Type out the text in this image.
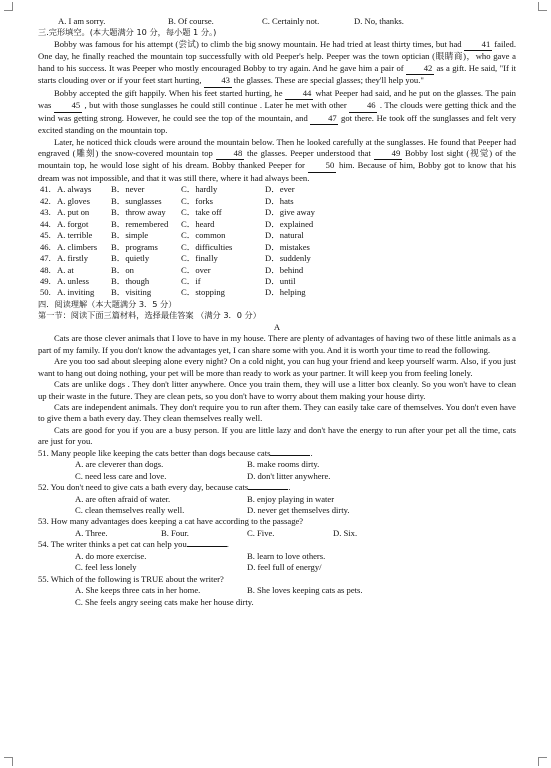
A. I am sorry.	B. Of course.	C. Certainly not.	D. No, thanks.
三.完形填空。(本大题满分 10 分，每小题 1 分。)

Bobby was famous for his attempt (尝试) to climb the big snowy mountain. He had tried at least thirty times, but had 41 failed. One day, he finally reached the mountain top successfully with old Peeper's help. Peeper was the town optician (眼睛商)，who gave a hand to his success. It was Peeper who mostly encouraged Bobby to try again. And he gave him a pair of 42 as a gift. He said, "If it starts clouding over or if your feet start hurting, 43 the glasses. These are special glasses; they'll help you."

Bobby accepted the gift happily. When his feet started hurting, he 44 what Peeper had said, and he put on the glasses. The pain was 45 , but with those sunglasses he could still continue . Later he met with other 46 . The clouds were getting thick and the wind was getting strong. However, he could see the top of the mountain, and 47 got there. He took off the sunglasses and felt very excited standing on the mountain top.

Later, he noticed thick clouds were around the mountain below. Then he looked carefully at the sunglasses. He found that Peeper had engraved (雕刻) the snow-covered mountain top 48 the glasses. Peeper understood that 49 Bobby lost sight (视觉) of the mountain top, he would lose sight of his dream. Bobby thanked Peeper for 50 him. Because of him, Bobby got to know that his dream was not impossible, and that it was still there, where it had always been.

41. A. always	B．never	C．hardly	D．ever
42. A. gloves	B．sunglasses	C．forks	D．hats
43. A. put on	B．throw away	C．take off	D．give away
44. A. forgot	B．remembered	C．heard	D．explained
45. A. terrible	B．simple	C．common	D．natural
46. A. climbers	B．programs	C．difficulties	D．mistakes
47. A. firstly	B．quietly	C．finally	D．suddenly
48. A. at	B．on	C．over	D．behind
49. A. unless	B．though	C．if	D．until
50. A. inviting	B．visiting	C．stopping	D．helping
四．阅读理解（本大题满分 3．5 分）
第一节：阅读下面三篇材料，选择最佳答案 （满分 3．0 分）
A

Cats are those clever animals that I love to have in my house. There are plenty of advantages of having two of these little animals as a part of my family. If you don't know the advantages yet, I can share some with you. And it is worth your time to read the following.

Are you too sad about sleeping alone every night? On a cold night, you can hug your friend and keep yourself warm. Also, if you just want to hang out doing nothing, your pet will be more than ready to work as your partner. It will keep you from feeling lonely.

Cats are unlike dogs . They don't litter anywhere. Once you train them, they will use a litter box cleanly. So you won't have to clean up their waste in the future. They are clean pets, so you don't have to worry about them making your house dirty.

Cats are independent animals. They don't require you to run after them. They can easily take care of themselves. You don't even have to give them a bath every day. They clean themselves really well.

Cats are good for you if you are a busy person. If you are little lazy and don't have the energy to run after your pet all the time, cats are just for you.

51. Many people like keeping the cats better than dogs because cats	.
A. are cleverer than dogs.	B. make rooms dirty.
C. need less care and love.	D. don't litter anywhere.
52. You don't need to give cats a bath every day, because cats	.
A. are often afraid of water.	B. enjoy playing in water
C. clean themselves really well.	D. never get themselves dirty.
53. How many advantages does keeping a cat have according to the passage?
A. Three.	B. Four.	C. Five.	D. Six.
54. The writer thinks a pet cat can help you	.
A. do more exercise.	B. learn to love others.
C. feel less lonely	D. feel full of energy/
55. Which of the following is TRUE about the writer?
A. She keeps three cats in her home.	B. She loves keeping cats as pets.
C. She feels angry seeing cats make her house dirty.
